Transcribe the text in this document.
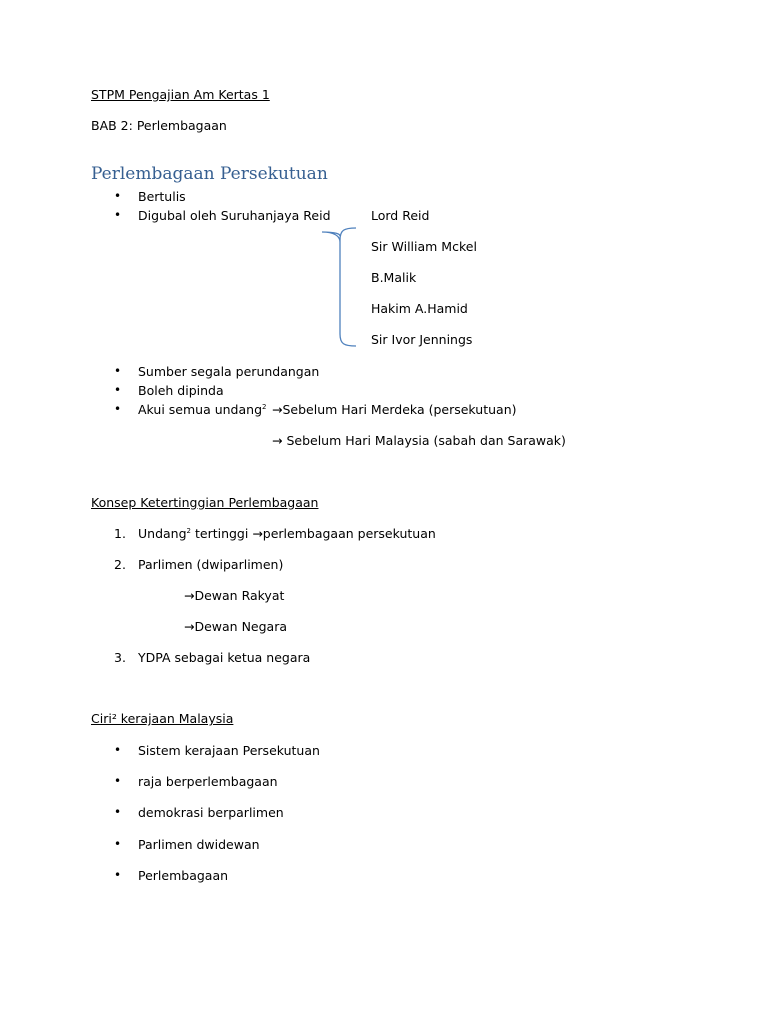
STPM Pengajian Am Kertas 1
BAB 2: Perlembagaan
Perlembagaan Persekutuan
• Bertulis
• Digubal oleh Suruhanjaya Reid	Lord Reid
Sir William Mckel
B.Malik
Hakim A.Hamid
Sir Ivor Jennings
• Sumber segala perundangan
• Boleh dipinda
• Akui semua undang$^2$ →Sebelum Hari Merdeka (persekutuan)
→ Sebelum Hari Malaysia (sabah dan Sarawak)
Konsep Ketertinggian Perlembagaan
1. Undang$^2$ tertinggi →perlembagaan persekutuan
2. Parlimen (dwiparlimen)
→Dewan Rakyat
→Dewan Negara
3. YDPA sebagai ketua negara
Ciri² kerajaan Malaysia
• Sistem kerajaan Persekutuan
• raja berperlembagaan
• demokrasi berparlimen
• Parlimen dwidewan
• Perlembagaan
